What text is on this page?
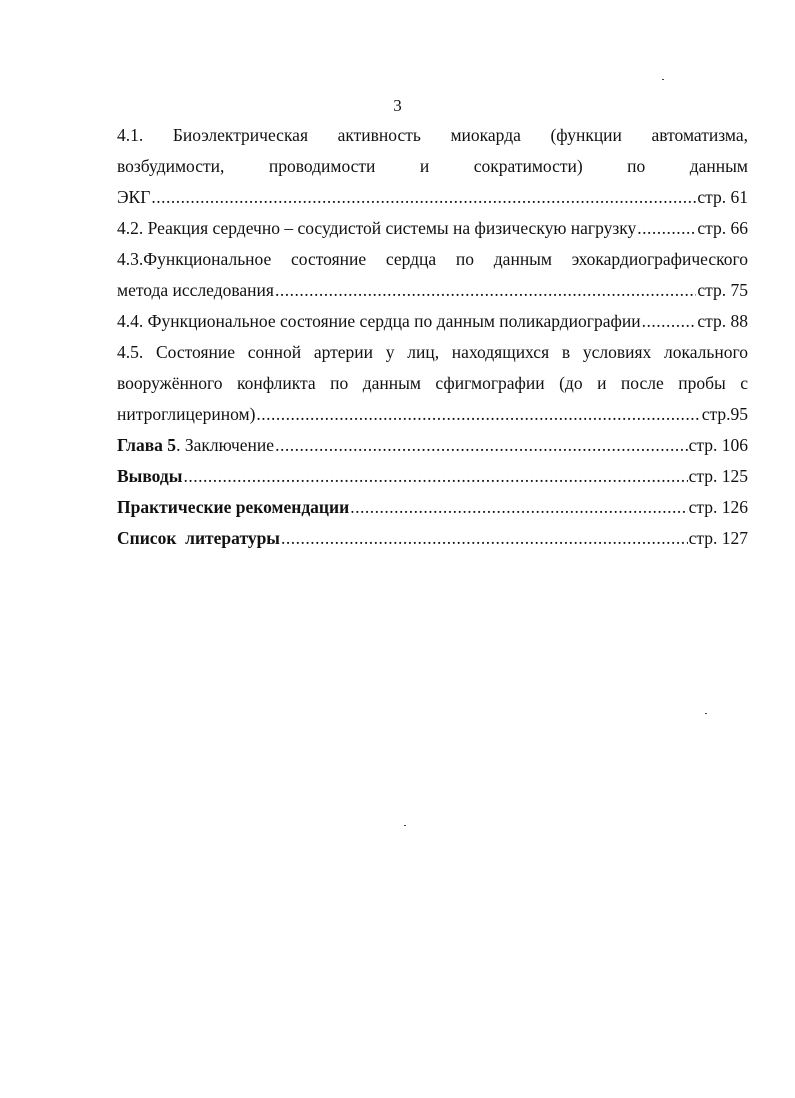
3
4.1. Биоэлектрическая активность миокарда (функции автоматизма,
возбудимости, проводимости и сократимости) по данным
ЭКГ .....	стр. 61
4.2. Реакция сердечно – сосудистой системы на физическую нагрузку .....	стр. 66
4.3.Функциональное состояние сердца по данным эхокардиографического
метода исследования .....	стр. 75
4.4. Функциональное состояние сердца по данным поликардиографии .....	стр. 88
4.5. Состояние сонной артерии у лиц, находящихся в условиях локального
вооружённого конфликта по данным сфигмографии (до и после пробы с
нитроглицерином) .....	стр.95
Глава 5. Заключение .....	стр. 106
Выводы .....	стр. 125
Практические рекомендации .....	стр. 126
Список  литературы .....	стр. 127
